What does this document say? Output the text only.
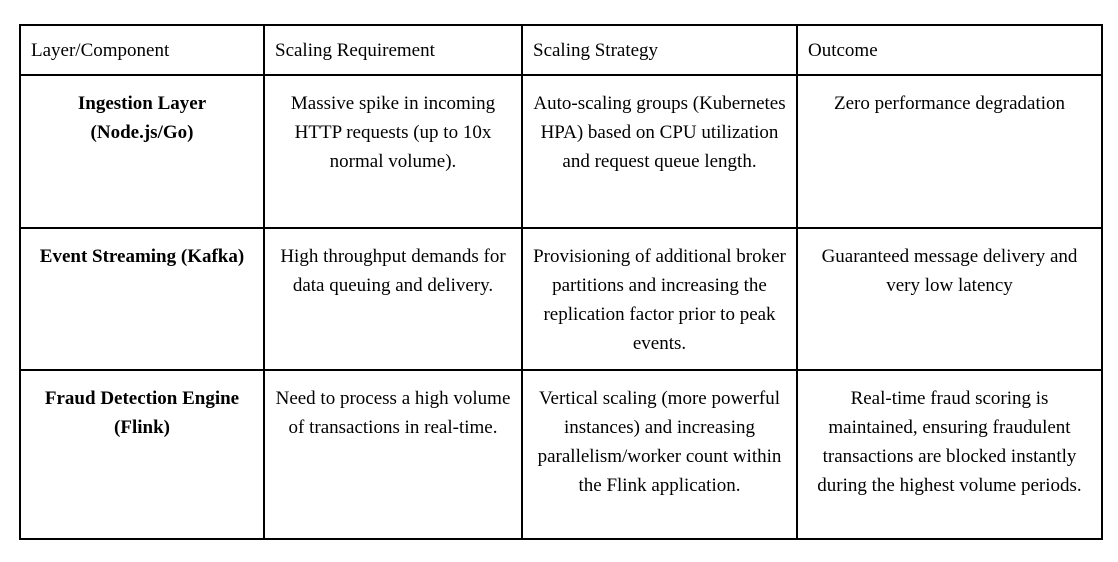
Layer/Component	Scaling Requirement	Scaling Strategy	Outcome

Ingestion Layer (Node.js/Go)	Massive spike in incoming HTTP requests (up to 10x normal volume).	Auto-scaling groups (Kubernetes HPA) based on CPU utilization and request queue length.	Zero performance degradation

Event Streaming (Kafka)	High throughput demands for data queuing and delivery.	Provisioning of additional broker partitions and increasing the replication factor prior to peak events.	Guaranteed message delivery and very low latency

Fraud Detection Engine (Flink)	Need to process a high volume of transactions in real-time.	Vertical scaling (more powerful instances) and increasing parallelism/worker count within the Flink application.	Real-time fraud scoring is maintained, ensuring fraudulent transactions are blocked instantly during the highest volume periods.
